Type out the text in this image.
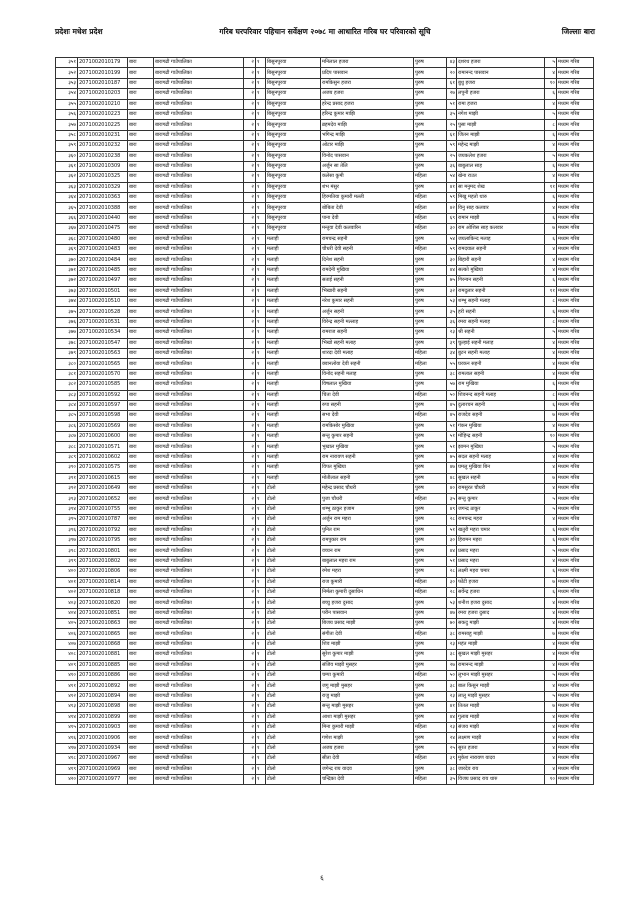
प्रदेशः मधेश प्रदेश	गरिब घरपरिवार पहिचान सर्वेक्षण २०७८ मा आधारित गरिब घर परिवारको सूचि	जिल्लाः बारा
३५१	2071002010179	बारा	बारागढी गाउँपालिका	२	१	बिसुनपुरवा	मनिलाल हजरा	पुरुष	४३	दशरथ हजरा	५	मध्यम गरिब
३५२	2071002010199	बारा	बारागढी गाउँपालिका	२	१	बिसुनपुरवा	प्रदिप पासवान	पुरुष	२०	रामानन्द पासवान	४	मध्यम गरिब
३५३	2071002010187	बारा	बारागढी गाउँपालिका	२	१	बिसुनपुरवा	रामकिसुन हजरा	पुरुष	६१	बुधु हजरा	१०	मध्यम गरिब
३५४	2071002010203	बारा	बारागढी गाउँपालिका	२	१	बिसुनपुरवा	अजय हजरा	पुरुष	२७	लपुनी हजरा	६	मध्यम गरिब
३५५	2071002010210	बारा	बारागढी गाउँपालिका	२	१	बिसुनपुरवा	हरेन्द्र प्रसाद हजरा	पुरुष	५१	रामा हजरा	४	मध्यम गरिब
३५६	2071002010223	बारा	बारागढी गाउँपालिका	२	१	बिसुनपुरवा	हरिन्द्र कुमार माझि	पुरुष	३५	नगेश माझी	५	मध्यम गरिब
३५७	2071002010225	बारा	बारागढी गाउँपालिका	२	१	बिसुनपुरवा	ब्रहमदेव माझि	पुरुष	२५	पुसा माझी	८	मध्यम गरिब
३५८	2071002010231	बारा	बारागढी गाउँपालिका	२	१	बिसुनपुरवा	भगिन्द्र माझि	पुरुष	६१	जितन माझी	६	मध्यम गरिब
३५९	2071002010232	बारा	बारागढी गाउँपालिका	२	१	बिसुनपुरवा	ओटार माझि	पुरुष	५९	महेन्द्र माझी	४	मध्यम गरिब
३६०	2071002010238	बारा	बारागढी गाउँपालिका	२	१	बिसुनपुरवा	विनोद पासवान	पुरुष	२५	जयकलेश हजरा	५	मध्यम गरिब
३६१	2071002010309	बारा	बारागढी गाउँपालिका	२	१	बिसुनपुरवा	अर्जुन सा तेलि	पुरुष	३६	बाबुलाल साह	६	मध्यम गरिब
३६२	2071002010325	बारा	बारागढी गाउँपालिका	२	१	बिसुनपुरवा	कलेसा कुमी	महिला	५४	खेना राउत	४	मध्यम गरिब
३६३	2071002010329	बारा	बारागढी गाउँपालिका	२	१	बिसुनपुरवा	शंभ मंसुर	पुरुष	४१	सा मनुमद शेख	११	मध्यम गरिब
३६४	2071002010363	बारा	बारागढी गाउँपालिका	२	१	बिसुनपुरवा	हिरमतिया कुमारी मल्ली	महिला	५९	मिखु महतो थारु	६	मध्यम गरिब
३६५	2071002010388	बारा	बारागढी गाउँपालिका	२	१	बिसुनपुरवा	बोबिता देवी	महिला	४२	विनु साह कलवार	४	मध्यम गरिब
३६६	2071002010440	बारा	बारागढी गाउँपालिका	२	१	बिसुनपुरवा	पाना देवी	महिला	६९	रामान माझी	६	मध्यम गरिब
३६७	2071002010475	बारा	बारागढी गाउँपालिका	२	१	बिसुनपुरवा	मन्तुवा देवी कलवारिन	महिला	३०	राम ओशिस साह कलवार	७	मध्यम गरिब
३६८	2071002010480	बारा	बारागढी गाउँपालिका	२	१	मलाही	रामचन्द्र सहनी	पुरुष	५४	जयलाकिन्द मलाह	६	मध्यम गरिब
३६९	2071002010483	बारा	बारागढी गाउँपालिका	२	१	मलाही	चौधरी देवी सहनी	महिला	५९	रामदयाल सहनी	४	मध्यम गरिब
३७०	2071002010484	बारा	बारागढी गाउँपालिका	२	१	मलाही	दिनेश सहनी	पुरुष	३०	बिहारी सहनी	४	मध्यम गरिब
३७१	2071002010485	बारा	बारागढी गाउँपालिका	२	१	मलाही	रामदेनी मुखिया	पुरुष	४४	सल्को मुखिया	४	मध्यम गरिब
३७२	2071002010497	बारा	बारागढी गाउँपालिका	२	१	मलाही	सताई सहनी	पुरुष	७५	गिरन्वन सहनी	६	मध्यम गरिब
३७३	2071002010501	बारा	बारागढी गाउँपालिका	२	१	मलाही	भिखारी सहनी	पुरुष	३२	रामदुलार सहनी	११	मध्यम गरिब
३७४	2071002010510	बारा	बारागढी गाउँपालिका	२	१	मलाही	नरेश कुमार सहनी	पुरुष	५३	शम्भु सहनी मलाह	८	मध्यम गरिब
३७५	2071002010528	बारा	बारागढी गाउँपालिका	२	१	मलाही	अर्जुन सहनी	पुरुष	३५	हरी सहनी	६	मध्यम गरिब
३७६	2071002010531	बारा	बारागढी गाउँपालिका	२	१	मलाही	विरेन्द्र सहनी मल्लाह	पुरुष	३६	रमरा सहनी मलाह	८	मध्यम गरिब
३७७	2071002010534	बारा	बारागढी गाउँपालिका	२	१	मलाही	रामराज सहनी	पुरुष	२३	श्री सहनी	५	मध्यम गरिब
३७८	2071002010547	बारा	बारागढी गाउँपालिका	२	१	मलाही	भिखो सहनी मलाह	पुरुष	३९	चुल्हाई सहनी मलाह	४	मध्यम गरिब
३७९	2071002010563	बारा	बारागढी गाउँपालिका	२	१	मलाही	शारदा देवी मलाह	महिला	३४	बुटन सहनी मलाह	४	मध्यम गरिब
३८०	2071002010565	बारा	बारागढी गाउँपालिका	२	१	मलाही	क्वानलोया देवी सहनी	महिला	५५	घरकन सहनी	४	मध्यम गरिब
३८१	2071002010570	बारा	बारागढी गाउँपालिका	२	१	मलाही	विनोद सहनी मलाह	पुरुष	३८	रामलाल सहनी	४	मध्यम गरिब
३८२	2071002010585	बारा	बारागढी गाउँपालिका	२	१	मलाही	विषलाल मुखिया	पुरुष	५७	राम मुखिया	६	मध्यम गरिब
३८३	2071002010592	बारा	बारागढी गाउँपालिका	२	१	मलाही	चिता देवी	महिला	५०	शिवनन्द सहनी मलाह	८	मध्यम गरिब
३८४	2071002010597	बारा	बारागढी गाउँपालिका	२	१	मलाही	रुपा सहनी	पुरुष	४५	दुलारचन सहनी	६	मध्यम गरिब
३८५	2071002010598	बारा	बारागढी गाउँपालिका	२	१	मलाही	सभा देवी	महिला	४५	राजदेव सहनी	७	मध्यम गरिब
३८६	2071002010569	बारा	बारागढी गाउँपालिका	२	१	मलाही	रामकिसोर मुखिया	पुरुष	५१	गंकन मुखिया	४	मध्यम गरिब
३८७	2071002010600	बारा	बारागढी गाउँपालिका	२	१	मलाही	सन्तु कुमार सहनी	पुरुष	५१	मोहिन्द्र सहनी	१०	मध्यम गरिब
३८८	2071002010571	बारा	बारागढी गाउँपालिका	२	१	मलाही	भुखाल मुखिया	पुरुष	५१	झामन मुखिया	५	मध्यम गरिब
३८९	2071002010602	बारा	बारागढी गाउँपालिका	२	१	मलाही	राम नारायण सहनी	पुरुष	७५	सदल सहनी मलाह	४	मध्यम गरिब
३९०	2071002010575	बारा	बारागढी गाउँपालिका	२	१	मलाही	विपत मुखिया	पुरुष	४७	घमलु मुखिया बिन	४	मध्यम गरिब
३९१	2071002010615	बारा	बारागढी गाउँपालिका	२	१	मलाही	मोतीलाल सहनी	पुरुष	४८	सुखल सहनी	७	मध्यम गरिब
३९२	2071002010649	बारा	बारागढी गाउँपालिका	२	१	टोलो	महेन्द्र प्रसाद चौधरी	पुरुष	४०	रामसुरत चौधरी	४	मध्यम गरिब
३९३	2071002010652	बारा	बारागढी गाउँपालिका	२	१	टोलो	पुजा चौधरी	महिला	३५	सन्तु कुमार	५	मध्यम गरिब
३९४	2071002010755	बारा	बारागढी गाउँपालिका	२	१	टोलो	शम्भु ठाकुर हजाम	पुरुष	४९	जगन्द्र ठाकुर	५	मध्यम गरिब
३९५	2071002010787	बारा	बारागढी गाउँपालिका	२	१	टोलो	अर्जुन राम महरा	पुरुष	२८	रामचन्द्र महरा	४	मध्यम गरिब
३९६	2071002010792	बारा	बारागढी गाउँपालिका	२	१	टोलो	पुनित राम	पुरुष	५१	खतुरी महरा चमार	६	मध्यम गरिब
३९७	2071002010795	बारा	बारागढी गाउँपालिका	२	१	टोलो	रामपुकार राम	पुरुष	३०	हिरामन महरा	६	मध्यम गरिब
३९८	2071002010801	बारा	बारागढी गाउँपालिका	२	१	टोलो	वच्चन राम	पुरुष	४४	प्रसाद महरा	५	मध्यम गरिब
३९९	2071002010802	बारा	बारागढी गाउँपालिका	२	१	टोलो	बाबुलाल महरा राम	पुरुष	५१	प्रसाद महरा	४	मध्यम गरिब
४००	2071002010806	बारा	बारागढी गाउँपालिका	२	१	टोलो	रमेश महरा	पुरुष	२८	लक्ष्मी महरा चमार	६	मध्यम गरिब
४०१	2071002010814	बारा	बारागढी गाउँपालिका	२	१	टोलो	राज कुमारी	महिला	३०	फोंटी हजरा	७	मध्यम गरिब
४०२	2071002010818	बारा	बारागढी गाउँपालिका	२	१	टोलो	निर्मला कुमारी दुसाधिन	महिला	२८	सर्वेन्द्र हजरा	६	मध्यम गरिब
४०३	2071002010820	बारा	बारागढी गाउँपालिका	२	१	टोलो	बच्चु हजरा दुसाद	पुरुष	५३	शनीश हजरा दुसाद	४	मध्यम गरिब
४०४	2071002010851	बारा	बारागढी गाउँपालिका	२	१	टोलो	परीन पासवान	पुरुष	४७	रमरा हजरा दुसाद	४	मध्यम गरिब
४०५	2071002010863	बारा	बारागढी गाउँपालिका	२	१	टोलो	बिजय प्रसाद माझी	पुरुष	७०	सकदु माझी	४	मध्यम गरिब
४०६	2071002010865	बारा	बारागढी गाउँपालिका	२	१	टोलो	संगीता देवी	महिला	३८	रामसाहु माझी	७	मध्यम गरिब
४०७	2071002010868	बारा	बारागढी गाउँपालिका	२	१	टोलो	शिव माझी	पुरुष	२३	महंत माझी	४	मध्यम गरिब
४०८	2071002010881	बारा	बारागढी गाउँपालिका	२	१	टोलो	सुरेश कुमार माझी	पुरुष	३८	सुखल माझी मुसहर	४	मध्यम गरिब
४०९	2071002010885	बारा	बारागढी गाउँपालिका	२	१	टोलो	संजिव माझी मुसहर	पुरुष	२७	रामानन्द माझी	४	मध्यम गरिब
४१०	2071002010886	बारा	बारागढी गाउँपालिका	२	१	टोलो	चम्पा कुमारी	महिला	५०	लुभान माझी मुसहर	५	मध्यम गरिब
४११	2071002010892	बारा	बारागढी गाउँपालिका	२	१	टोलो	जगु माझी मुसहर	पुरुष	३८	बाल किसुन माझी	४	मध्यम गरिब
४१२	2071002010894	बारा	बारागढी गाउँपालिका	२	१	टोलो	राजु माझी	पुरुष	२३	लालु माझी मुसहर	५	मध्यम गरिब
४१३	2071002010898	बारा	बारागढी गाउँपालिका	२	१	टोलो	सन्तु माझी मुसहर	पुरुष	४१	तितल माझी	७	मध्यम गरिब
४१४	2071002010899	बारा	बारागढी गाउँपालिका	२	१	टोलो	आशा माझी मुसहर	पुरुष	४४	गुलाब माझी	४	मध्यम गरिब
४१५	2071002010903	बारा	बारागढी गाउँपालिका	२	१	टोलो	मिना कुमारी माझी	महिला	२३	संजय माझी	४	मध्यम गरिब
४१६	2071002010906	बारा	बारागढी गाउँपालिका	२	१	टोलो	गणेश माझी	पुरुष	२४	लक्ष्मण माझी	४	मध्यम गरिब
४१७	2071002010934	बारा	बारागढी गाउँपालिका	२	१	टोलो	अजय हजरा	पुरुष	२५	सुरत हजरा	४	मध्यम गरिब
४१८	2071002010967	बारा	बारागढी गाउँपालिका	२	१	टोलो	सीता देवी	महिला	३९	मुकेश नारायण यादव	४	मध्यम गरिब
४१९	2071002010969	बारा	बारागढी गाउँपालिका	२	१	टोलो	जगेन्द्र राय यादव	पुरुष	३८	जारदेव राय	४	मध्यम गरिब
४२०	2071002010977	बारा	बारागढी गाउँपालिका	२	१	टोलो	चन्द्रिका देवी	महिला	३५	विजय प्रसाद राय थारु	१०	मध्यम गरिब
६
